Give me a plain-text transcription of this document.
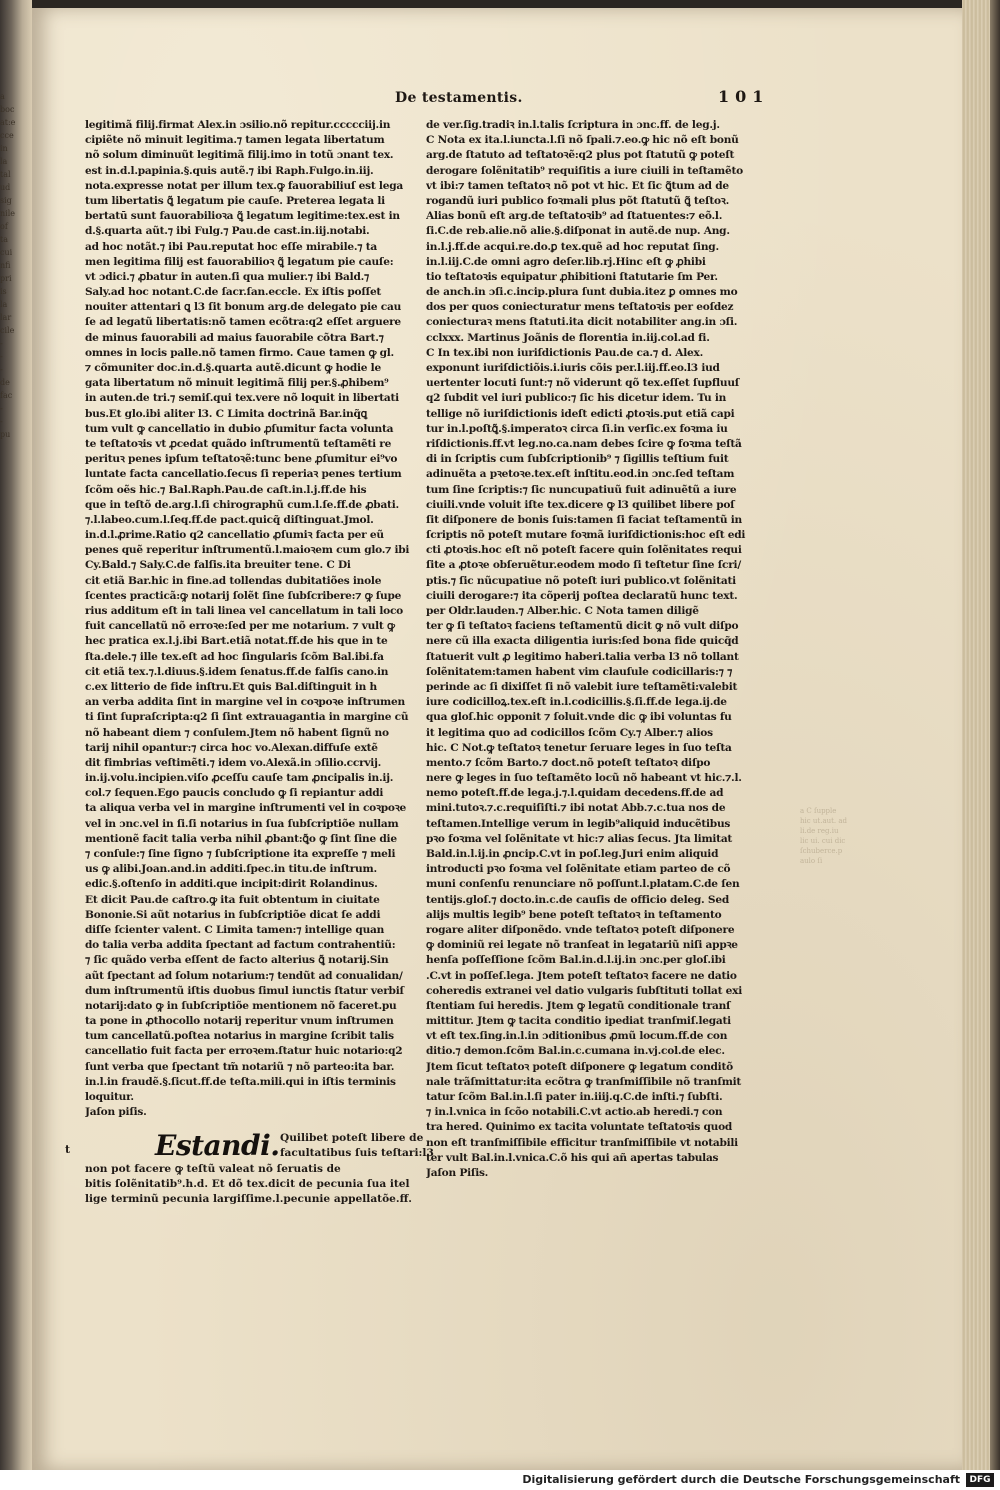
a
boc
at:e
cce
in
la
tal
ud
sig
nile
of
ta
cui
nfi
pri
is
la
lar
cile
-
-
-
de
fac
-
-
pu
De testamentis.	101
legitimã filij.firmat Alex.in ɔsilio.nõ repitur.ccccciij.in
cipiẽte nõ minuit legitima.⁊ tamen legata libertatum
nõ solum diminuũt legitimã filij.imo in totũ ɔnant tex.
est in.d.l.papinia.§.quis autẽ.⁊ ibi Raph.Fulgo.in.iij.
nota.expresse notat per illum tex.ꝙ fauorabiliuſ est lega
tum libertatis ꝗ̃ legatum pie cauſe. Preterea legata li
bertatū sunt fauorabilioꝛa ꝗ̃ legatum legitime:tex.est in
d.§.quarta aũt.⁊ ibi Fulg.⁊ Pau.de cast.in.iij.notabi.
ad hoc notãt.⁊ ibi Pau.reputat hoc eſſe mirabile.⁊ ta
men legitima filij est fauorabilioꝛ ꝗ̃ legatum pie cauſe:
vt ɔdici.⁊ ꝓbatur in auten.ſi qua mulier.⁊ ibi Bald.⁊
Saly.ad hoc notant.C.de ſacr.ſan.eccle. Ex iſtis poſſet
nouiter attentari ꝗ l3 ſit bonum arg.de delegato pie cau
ſe ad legatũ libertatis:nõ tamen ecõtra:q2 eſſet arguere
de minus fauorabili ad maius fauorabile cõtra Bart.⁊
omnes in locis palle.nõ tamen firmo. Caue tamen ꝙ gl.
⁊ cõmuniter doc.in.d.§.quarta autẽ.dicunt ꝙ hodie le
gata libertatum nõ minuit legitimã filij per.§.ꝓhibem⁹
in auten.de tri.⁊ semiſ.qui tex.vere nõ loquit in libertati
bus.Et glo.ibi aliter l3. C Limita doctrinã Bar.inq̃ꝗ
tum vult ꝙ cancellatio in dubio ꝓſumitur facta volunta
te teſtatoꝛis vt ꝓcedat quãdo inſtrumentũ teſtamẽti re
perituꝛ penes ipſum teſtatoꝛẽ:tunc bene ꝓſumitur ei⁹vo
luntate facta cancellatio.ſecus ſi reperiaꝛ penes tertium
ſcõm oẽs hic.⁊ Bal.Raph.Pau.de caſt.in.l.j.ff.de his
que in teſtõ de.arg.l.ſi chirographũ cum.l.ſe.ff.de ꝓbati.
⁊.l.labeo.cum.l.ſeq.ff.de pact.quicq̃ diſtinguat.Jmol.
in.d.l.ꝓrime.Ratio q2 cancellatio ꝓſumiꝛ facta per eũ
penes quẽ reperitur inſtrumentũ.l.maioꝛem cum glo.⁊ ibi
Cy.Bald.⁊ Saly.C.de falſis.ita breuiter tene. C Di
cit etiã Bar.hic in fine.ad tollendas dubitatiões inole
ſcentes practicã:ꝙ notarij ſolẽt ſine ſubſcribere:⁊ ꝙ ſupe
rius additum eſt in tali linea vel cancellatum in tali loco
fuit cancellatũ nõ erroꝛe:ſed per me notarium. ⁊ vult ꝙ
hec pratica ex.l.j.ibi Bart.etiã notat.ff.de his que in te
ſta.dele.⁊ ille tex.eſt ad hoc ſingularis ſcõm Bal.ibi.fa
cit etiã tex.⁊.l.diuus.§.idem ſenatus.ff.de falſis cano.in
c.ex litterio de fide inſtru.Et ꝗuis Bal.diſtinguit in h
an verba addita ſint in margine vel in coꝛpoꝛe inſtrumen
ti ſint ſupraſcripta:q2 ſi ſint extrauagantia in margine cũ
nõ habeant diem ⁊ conſulem.Jtem nõ habent ſignũ no
tarij nihil opantur:⁊ circa hoc vo.Alexan.diffuſe extẽ
dit fimbrias veſtimẽti.⁊ idem vo.Alexã.in ɔſilio.ccrvij.
in.ij.volu.incipien.viſo ꝓceſſu cauſe tam ꝓncipalis in.ij.
col.⁊ ſequen.Ego paucis concludo ꝙ ſi repiantur addi
ta aliqua verba vel in margine inſtrumenti vel in coꝛpoꝛe
vel in ɔnc.vel in ſi.ſi notarius in ſua ſubſcriptiõe nullam
mentionẽ facit talia verba nihil ꝓbant:ꝗ̃o ꝙ ſint ſine die
⁊ conſule:⁊ ſine ſigno ⁊ ſubſcriptione ita expreſſe ⁊ meli
us ꝙ alibi.Joan.and.in additi.ſpec.in titu.de inſtrum.
edic.§.oſtenſo in additi.que incipit:dirit Rolandinus.
Et dicit Pau.de caſtro.ꝙ ita fuit obtentum in ciuitate
Bononie.Si aũt notarius in ſubſcriptiõe dicat ſe addi
diſſe ſcienter valent. C Limita tamen:⁊ intellige quan
do talia verba addita ſpectant ad factum contrahentiũ:
⁊ ſic quãdo verba eſſent de facto alterius ꝗ̃ notarij.Sin
aũt ſpectant ad ſolum notarium:⁊ tendũt ad conualidan/
dum inſtrumentũ iſtis duobus ſimul iunctis ſtatur verbiſ
notarij:dato ꝙ in ſubſcriptiõe mentionem nõ faceret.pu
ta pone in ꝓthocollo notarij reperitur vnum inſtrumen
tum cancellatũ.poſtea notarius in margine ſcribit talis
cancellatio fuit facta per erroꝛem.ſtatur huic notario:q2
ſunt verba que ſpectant tm̃ notariũ ⁊ nõ parteo:ita bar.
in.l.in fraudẽ.§.ſicut.ff.de teſta.mili.qui in iſtis terminis
loquitur.
Jaſon piſis.
de ver.ſig.tradiꝛ in.l.talis ſcriptura in ɔnc.ff. de leg.j.
C Nota ex ita.l.iuncta.l.ſi nõ ſpali.⁊.eo.ꝙ hic nõ eſt bonũ
arg.de ſtatuto ad teſtatoꝛẽ:q2 plus pot ſtatutũ ꝙ poteſt
derogare ſolẽnitatib⁹ requiſitis a iure ciuili in teſtamẽto
vt ibi:⁊ tamen teſtatoꝛ nõ pot vt hic. Et ſic ꝗ̃tum ad de
rogandũ iuri publico foꝛmali plus põt ſtatutũ ꝗ̃ teſtoꝛ.
Alias bonũ eſt arg.de teſtatoꝛib⁹ ad ſtatuentes:⁊ eõ.l.
ſi.C.de reb.alie.nõ alie.§.diſponat in autẽ.de nup. Ang.
in.l.j.ff.de acqui.re.do.ꝑ tex.quẽ ad hoc reputat ſing.
in.l.iij.C.de omni agro deſer.lib.rj.Hinc eſt ꝙ ꝓhibi
tio teſtatoꝛis equipatur ꝓhibitioni ſtatutarie ſm Per.
de anch.in ɔſi.c.incip.plura ſunt dubia.itez ꝑ omnes mo
dos per quos coniecturatur mens teſtatoꝛis per eoſdez
coniecturaꝛ mens ſtatuti.ita dicit notabiliter ang.in ɔſi.
cclxxx. Martinus Joãnis de florentia in.iij.col.ad fi.
C In tex.ibi non iuriſdictionis Pau.de ca.⁊ d. Alex.
exponunt iuriſdictiõis.i.iuris cõis per.l.iij.ff.eo.l3 iud
uertenter locuti ſunt:⁊ nõ viderunt qõ tex.eſſet ſupfluuſ
q2 ſubdit vel iuri publico:⁊ ſic his dicetur idem. Tu in
tellige nõ iuriſdictionis ideſt edicti ꝓtoꝛis.put etiã capi
tur in.l.poſtꝗ̃.§.imperatoꝛ circa ſi.in verſic.ex foꝛma iu
riſdictionis.ff.vt leg.no.ca.nam debes ſcire ꝙ foꝛma teſtã
di in ſcriptis cum ſubſcriptionib⁹ ⁊ ſigillis teſtium fuit
adinuẽta a pꝛetoꝛe.tex.eſt inſtitu.eod.in ɔnc.ſed teſtam
tum ſine ſcriptis:⁊ ſic nuncupatiuũ fuit adinuẽtũ a iure
ciuili.vnde voluit iſte tex.dicere ꝙ l3 quilibet libere poſ
ſit diſponere de bonis ſuis:tamen ſi faciat teſtamentũ in
ſcriptis nõ poteſt mutare foꝛmã iuriſdictionis:hoc eſt edi
cti ꝓtoꝛis.hoc eſt nõ poteſt facere quin ſolẽnitates requi
ſite a ꝓtoꝛe obſeruẽtur.eodem modo ſi teſtetur ſine ſcri/
ptis.⁊ ſic nũcupatiue nõ poteſt iuri publico.vt ſolẽnitati
ciuili derogare:⁊ ita cõperij poſtea declaratũ hunc text.
per Oldr.lauden.⁊ Alber.hic. C Nota tamen diligẽ
ter ꝙ ſi teſtatoꝛ faciens teſtamentũ dicit ꝙ nõ vult diſpo
nere cũ illa exacta diligentia iuris:ſed bona fide quicq̃d
ſtatuerit vult ꝓ legitimo haberi.talia verba l3 nõ tollant
ſolẽnitatem:tamen habent vim clauſule codicillaris:⁊ ⁊
perinde ac ſi dixiſſet ſi nõ valebit iure teſtamẽti:valebit
iure codicilloꝝ.tex.eſt in.l.codicillis.§.ſi.ff.de lega.ij.de
qua gloſ.hic opponit ⁊ ſoluit.vnde dic ꝙ ibi voluntas fu
it legitima quo ad codicillos ſcõm Cy.⁊ Alber.⁊ alios
hic. C Not.ꝙ teſtatoꝛ tenetur ſeruare leges in ſuo teſta
mento.⁊ ſcõm Barto.⁊ doct.nõ poteſt teſtatoꝛ diſpo
nere ꝙ leges in ſuo teſtamẽto locũ nõ habeant vt hic.⁊.l.
nemo poteſt.ff.de lega.j.⁊.l.quidam decedens.ff.de ad
mini.tutoꝛ.⁊.c.requiſiſti.⁊ ibi notat Abb.⁊.c.tua nos de
teſtamen.Intellige verum in legib⁹aliquid inducẽtibus
pꝛo foꝛma vel ſolẽnitate vt hic:⁊ alias ſecus. Jta limitat
Bald.in.l.ij.in ꝓncip.C.vt in poſ.leg.Juri enim aliquid
introducti pꝛo foꝛma vel ſolẽnitate etiam parteo de cõ
muni conſenſu renunciare nõ poſſunt.l.platam.C.de ſen
tentijs.gloſ.⁊ docto.in.c.de cauſis de officio deleg. Sed
alijs multis legib⁹ bene poteſt teſtatoꝛ in teſtamento
rogare aliter diſponẽdo. vnde teſtatoꝛ poteſt diſponere
ꝙ dominiũ rei legate nõ tranſeat in legatariũ niſi appꝛe
henſa poſſeſſione ſcõm Bal.in.d.l.ij.in ɔnc.per gloſ.ibi
.C.vt in poſſeſ.lega. Jtem poteſt teſtatoꝛ facere ne datio
coheredis extranei vel datio vulgaris ſubſtituti tollat exi
ſtentiam ſui heredis. Jtem ꝙ legatũ conditionale tranſ
mittitur. Jtem ꝙ tacita conditio ipediat tranſmiſ.legati
vt eſt tex.ſing.in.l.in ɔditionibus ꝓmũ locum.ff.de con
ditio.⁊ demon.ſcõm Bal.in.c.cumana in.vj.col.de elec.
Jtem ſicut teſtatoꝛ poteſt diſponere ꝙ legatum conditõ
nale trãſmittatur:ita ecõtra ꝙ tranſmiſſibile nõ tranſmit
tatur ſcõm Bal.in.l.ſi pater in.iiij.q.C.de inſti.⁊ ſubſti.
⁊ in.l.vnica in ſcõo notabili.C.vt actio.ab heredi.⁊ con
tra hered. Quinimo ex tacita voluntate teſtatoꝛis quod
non eſt tranſmiſſibile efficitur tranſmiſſibile vt notabili
ter vult Bal.in.l.vnica.C.õ his qui añ apertas tabulas
Jaſon Piſis.
t	Estandi. Quilibet poteſt libere de
facultatibus ſuis teſtari:l3
non pot facere ꝙ teſtũ valeat nõ ſeruatis de
bitis ſolẽnitatib⁹.h.d. Et dõ tex.dicit de pecunia ſua itel
lige terminũ pecunia largiſſime.l.pecunie appellatõe.ff.
a C ſupple
hic ut.aut. ad
li.de reg.iu
lic ui. cui dic
ſchuberce.p
aulo ſi
Digitalisierung gefördert durch die Deutsche Forschungsgemeinschaft	DFG
